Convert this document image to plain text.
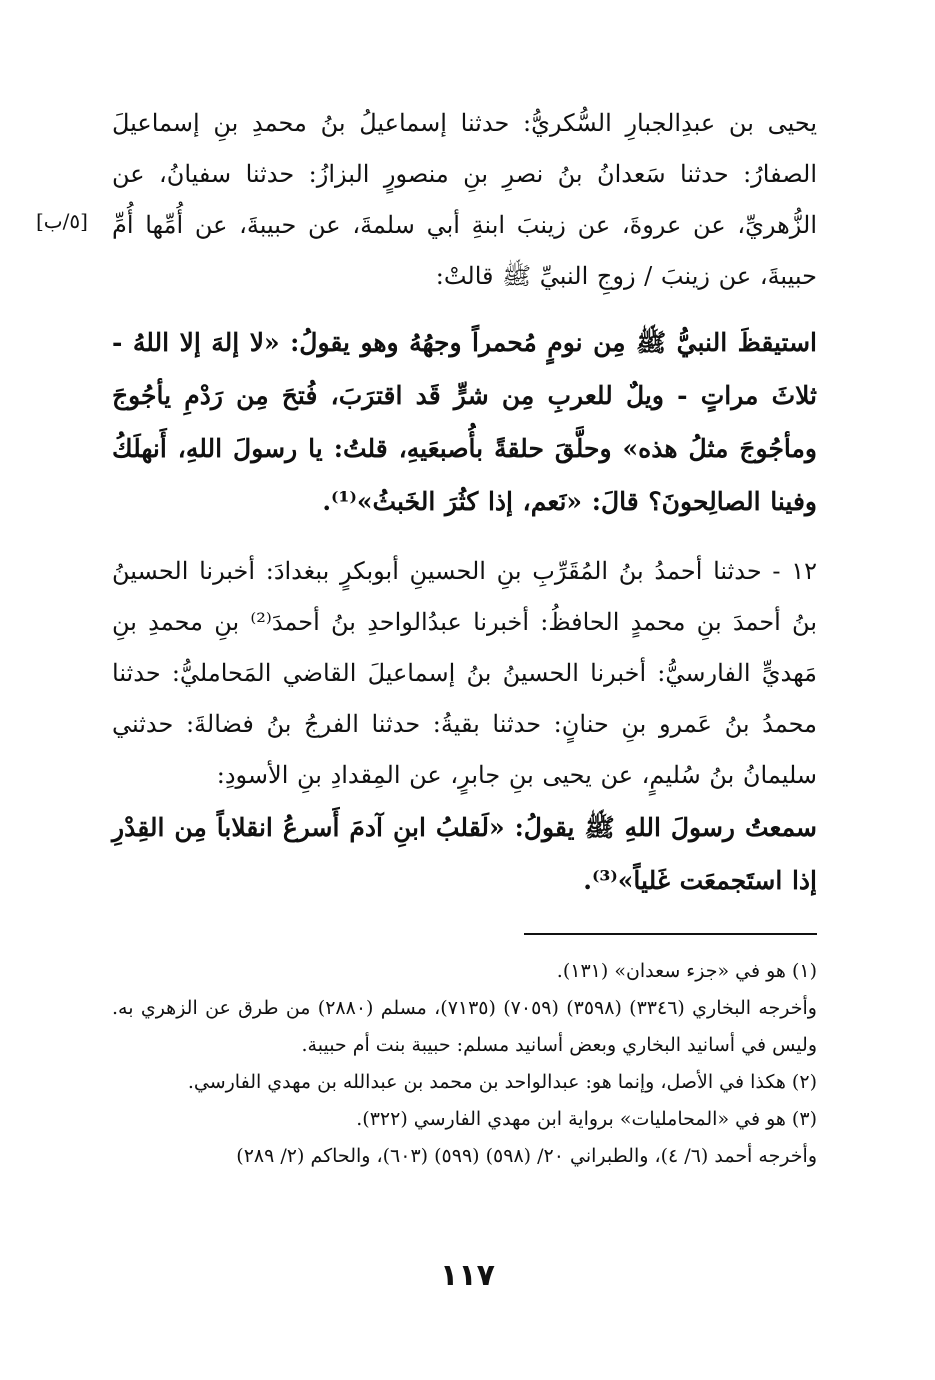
[٥/ب]

يحيى بن عبدِالجبارِ السُّكريُّ: حدثنا إسماعيلُ بنُ محمدِ بنِ إسماعيلَ الصفارُ: حدثنا سَعدانُ بنُ نصرِ بنِ منصورٍ البزازُ: حدثنا سفيانُ، عن الزُّهريِّ، عن عروةَ، عن زينبَ ابنةِ أبي سلمةَ، عن حبيبةَ، عن أُمِّها أُمِّ حبيبةَ، عن زينبَ / زوجِ النبيِّ ﷺ قالتْ:

استيقظَ النبيُّ ﷺ مِن نومٍ مُحمراً وجهُهُ وهو يقولُ: «لا إلهَ إلا اللهُ - ثلاثَ مراتٍ - ويلٌ للعربِ مِن شرٍّ قَد اقترَبَ، فُتحَ مِن رَدْمِ يأجُوجَ ومأجُوجَ مثلُ هذه» وحلَّقَ حلقةً بأُصبعَيهِ، قلتُ: يا رسولَ اللهِ، أَنهلَكُ وفينا الصالِحونَ؟ قالَ: «نَعم، إذا كثُرَ الخَبثُ»⁽¹⁾.

١٢ - حدثنا أحمدُ بنُ المُقَرِّبِ بنِ الحسينِ أبوبكرٍ ببغدادَ: أخبرنا الحسينُ بنُ أحمدَ بنِ محمدٍ الحافظُ: أخبرنا عبدُالواحدِ بنُ أحمدَ⁽²⁾ بنِ محمدِ بنِ مَهديٍّ الفارسيُّ: أخبرنا الحسينُ بنُ إسماعيلَ القاضي المَحامليُّ: حدثنا محمدُ بنُ عَمرو بنِ حنانٍ: حدثنا بقيةُ: حدثنا الفرجُ بنُ فضالةَ: حدثني سليمانُ بنُ سُليمٍ، عن يحيى بنِ جابرٍ، عن المِقدادِ بنِ الأسودِ:

سمعتُ رسولَ اللهِ ﷺ يقولُ: «لَقلبُ ابنِ آدمَ أَسرعُ انقلاباً مِن القِدْرِ إذا استَجمعَت غَلياً»⁽³⁾.

(١) هو في «جزء سعدان» (١٣١).

وأخرجه البخاري (٣٣٤٦) (٣٥٩٨) (٧٠٥٩) (٧١٣٥)، مسلم (٢٨٨٠) من طرق عن الزهري به. وليس في أسانيد البخاري وبعض أسانيد مسلم: حبيبة بنت أم حبيبة.

(٢) هكذا في الأصل، وإنما هو: عبدالواحد بن محمد بن عبدالله بن مهدي الفارسي.

(٣) هو في «المحامليات» برواية ابن مهدي الفارسي (٣٢٢).

وأخرجه أحمد (٦/ ٤)، والطبراني ٢٠/ (٥٩٨) (٥٩٩) (٦٠٣)، والحاكم (٢/ ٢٨٩)

١١٧
